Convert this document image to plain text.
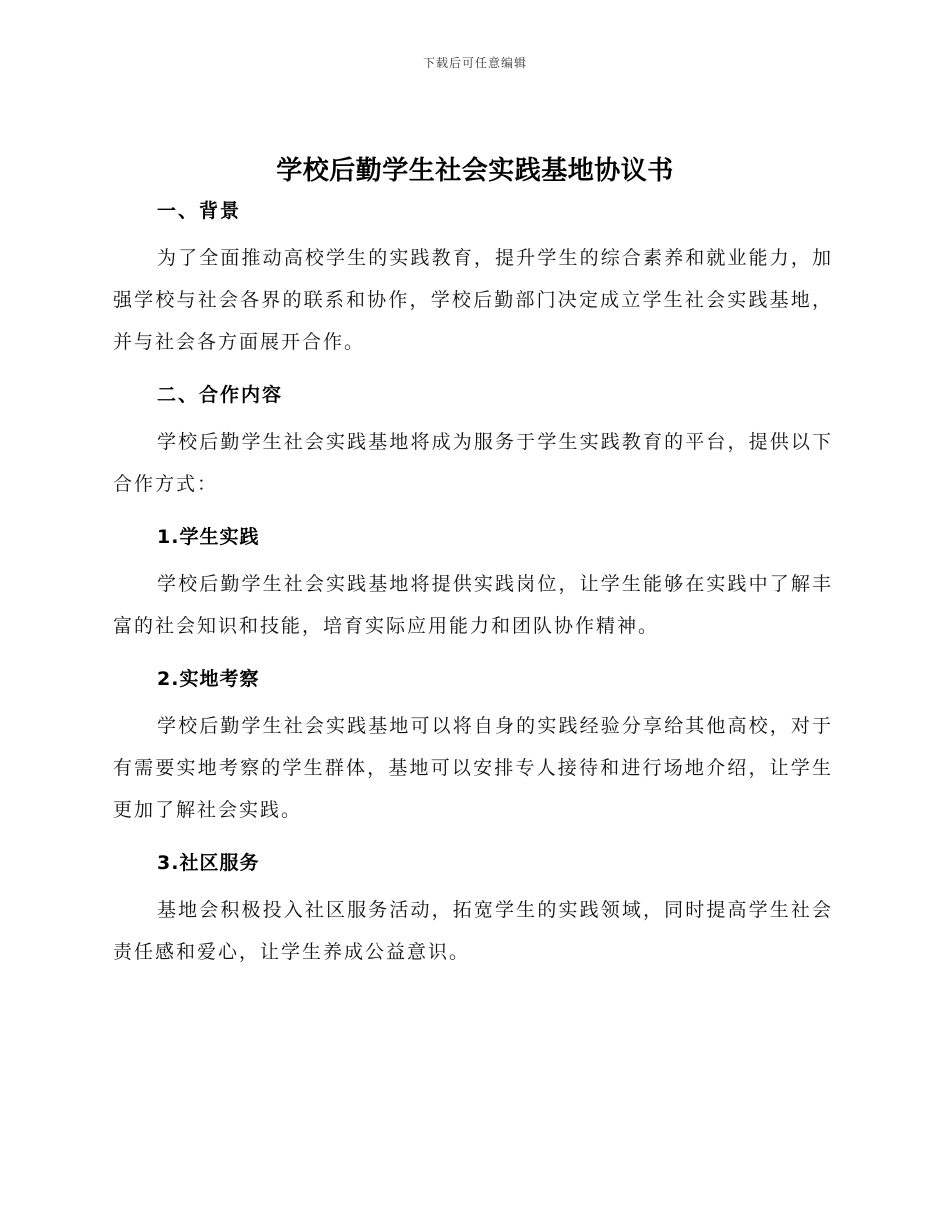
下载后可任意编辑
学校后勤学生社会实践基地协议书
一、背景

为了全面推动高校学生的实践教育，提升学生的综合素养和就业能力，加强学校与社会各界的联系和协作，学校后勤部门决定成立学生社会实践基地，并与社会各方面展开合作。

二、合作内容

学校后勤学生社会实践基地将成为服务于学生实践教育的平台，提供以下合作方式：

1.学生实践

学校后勤学生社会实践基地将提供实践岗位，让学生能够在实践中了解丰富的社会知识和技能，培育实际应用能力和团队协作精神。

2.实地考察

学校后勤学生社会实践基地可以将自身的实践经验分享给其他高校，对于有需要实地考察的学生群体，基地可以安排专人接待和进行场地介绍，让学生更加了解社会实践。

3.社区服务

基地会积极投入社区服务活动，拓宽学生的实践领域，同时提高学生社会责任感和爱心，让学生养成公益意识。
